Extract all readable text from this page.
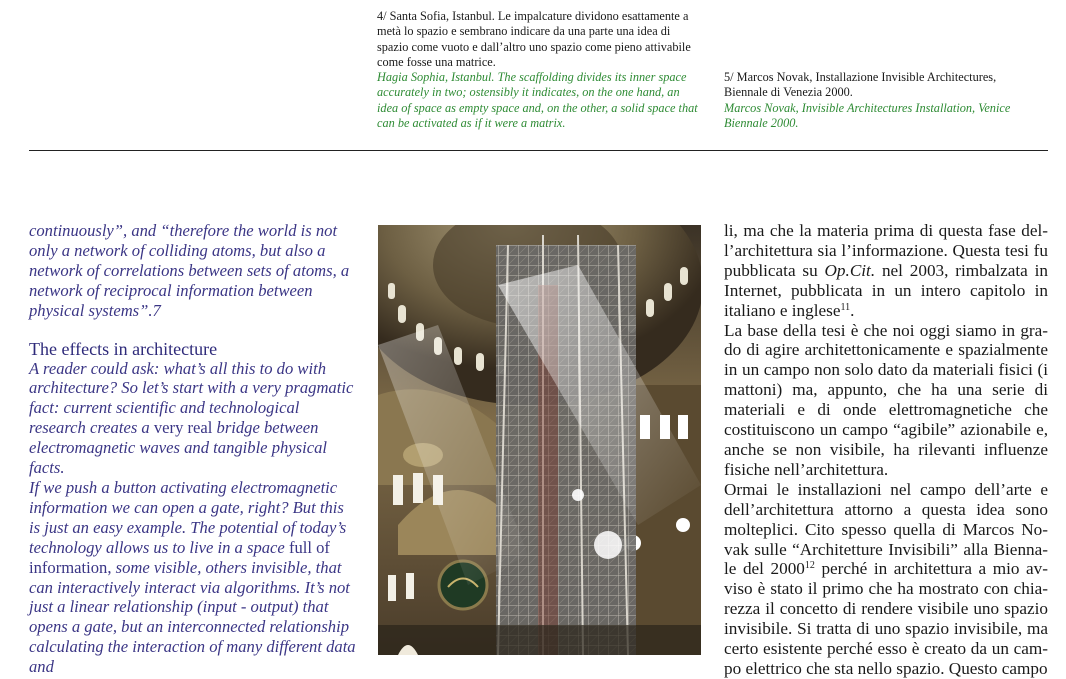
4/ Santa Sofia, Istanbul. Le impalcature dividono esattamente a metà lo spazio e sembrano indicare da una parte una idea di spazio come vuoto e dall’altro uno spazio come pieno attivabile come fosse una matrice.
Hagia Sophia, Istanbul. The scaffolding divides its inner space accurately in two; ostensibly it indicates, on the one hand, an idea of space as empty space and, on the other, a solid space that can be activated as if it were a matrix.
5/ Marcos Novak, Installazione Invisible Architectures, Biennale di Venezia 2000.
Marcos Novak, Invisible Architectures Installation, Venice Biennale 2000.

continuously”, and “therefore the world is not only a network of colliding atoms, but also a network of correlations between sets of atoms, a network of reciprocal information between physical systems”.7

The effects in architecture

A reader could ask: what’s all this to do with architecture? So let’s start with a very pragmatic fact: current scientific and technological research creates a very real bridge between electromagnetic waves and tangible physical facts.

If we push a button activating electromagnetic information we can open a gate, right? But this is just an easy example. The potential of today’s technology allows us to live in a space full of information, some visible, others invisible, that can interactively interact via algorithms. It’s not just a linear relationship (input - output) that opens a gate, but an interconnected relationship calculating the interaction of many different data and

li, ma che la materia prima di questa fase dell’architettura sia l’informazione. Questa tesi fu pubblicata su Op.Cit. nel 2003, rimbalzata in Internet, pubblicata in un intero capitolo in italiano e inglese$^{11}$.

La base della tesi è che noi oggi siamo in grado di agire architettonicamente e spazialmente in un campo non solo dato da materiali fisici (i mattoni) ma, appunto, che ha una serie di materiali e di onde elettromagnetiche che costituiscono un campo “agibile” azionabile e, anche se non visibile, ha rilevanti influenze fisiche nell’architettura.

Ormai le installazioni nel campo dell’arte e dell’architettura attorno a questa idea sono molteplici. Cito spesso quella di Marcos Novak sulle “Architetture Invisibili” alla Biennale del 2000$^{12}$ perché in architettura a mio avviso è stato il primo che ha mostrato con chiarezza il concetto di rendere visibile uno spazio invisibile. Si tratta di uno spazio invisibile, ma certo esistente perché esso è creato da un campo elettrico che sta nello spazio. Questo campo
